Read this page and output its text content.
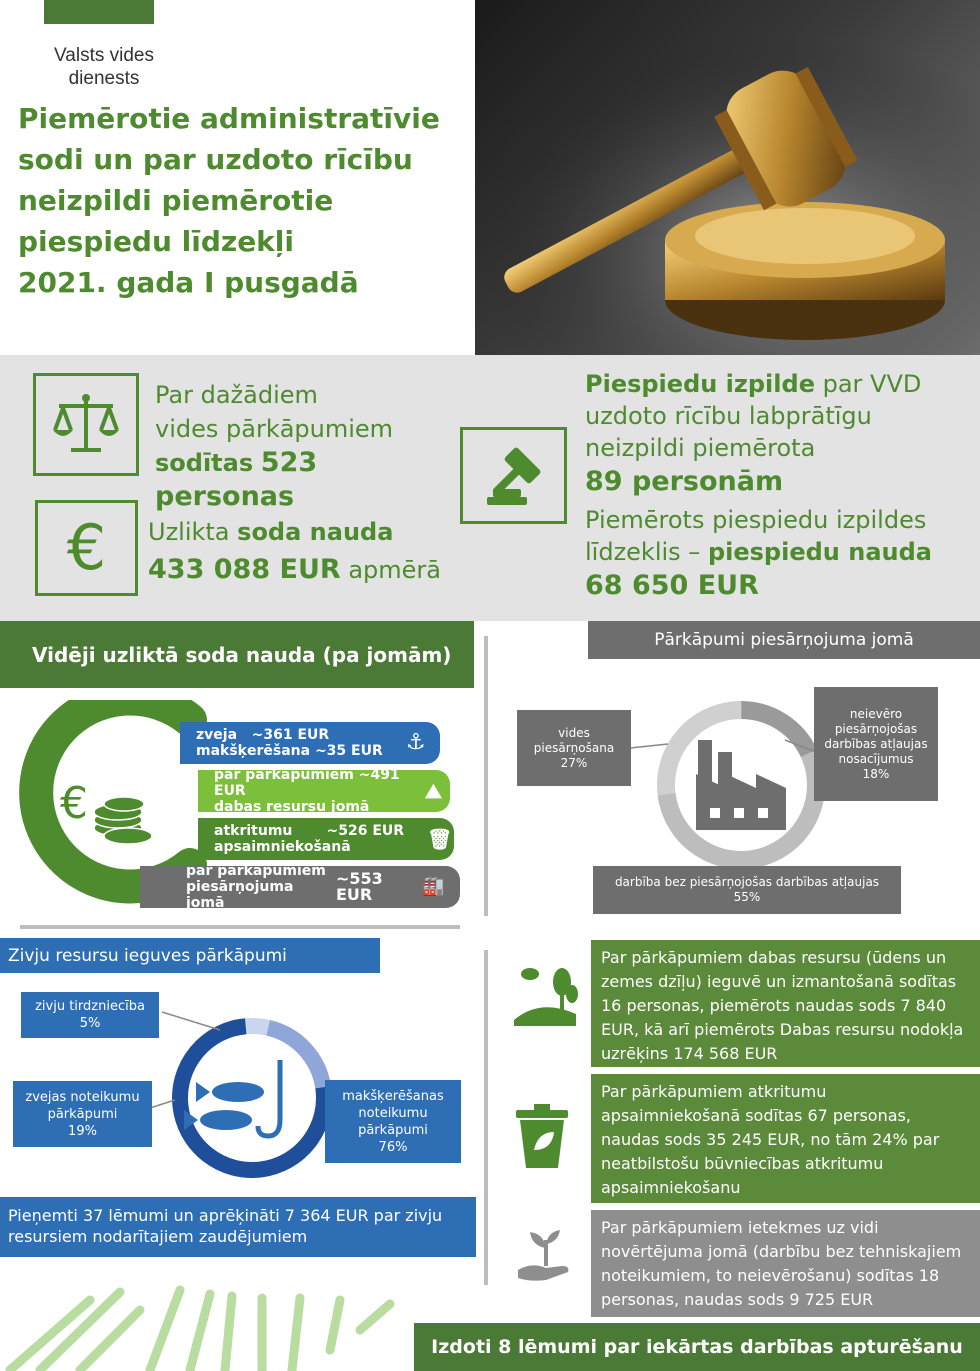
Valsts vides dienests
Piemērotie administratīvie
sodi un par uzdoto rīcību
neizpildi piemērotie
piespiedu līdzekļi
2021. gada I pusgadā
Par dažādiem
vides pārkāpumiem
sodītas 523 personas
€ Uzlikta soda nauda
433 088 EUR apmērā
Piespiedu izpilde par VVD
uzdoto rīcību labprātīgu
neizpildi piemērota
89 personām
Piemērots piespiedu izpildes
līdzeklis – piespiedu nauda
68 650 EUR
Vidēji uzliktā soda nauda (pa jomām)
€
zveja ~361 EUR
makšķerēšana ~35 EUR	⚓
par pārkāpumiem ~491 EUR
dabas resursu jomā
⛰
atkritumu ~526 EUR
apsaimniekošanā	🗑
par pārkāpumiem
piesārņojuma jomā
~553 EUR	🏭
Pārkāpumi piesārņojuma jomā
vides piesārņošana
27%
neievēro piesārņojošas darbības atļaujas nosacījumus
18%
darbība bez piesārņojošas darbības atļaujas
55%
Zivju resursu ieguves pārkāpumi
zivju tirdzniecība
5%
zvejas noteikumu pārkāpumi
19%
makšķerēšanas noteikumu pārkāpumi
76%
Pieņemti 37 lēmumi un aprēķināti 7 364 EUR par zivju resursiem nodarītajiem zaudējumiem
Par pārkāpumiem dabas resursu (ūdens un zemes dzīļu) ieguvē un izmantošanā sodītas 16 personas, piemērots naudas sods 7 840 EUR, kā arī piemērots Dabas resursu nodokļa uzrēķins 174 568 EUR
Par pārkāpumiem atkritumu apsaimniekošanā sodītas 67 personas, naudas sods 35 245 EUR, no tām 24% par neatbilstošu būvniecības atkritumu apsaimniekošanu
Par pārkāpumiem ietekmes uz vidi novērtējuma jomā (darbību bez tehniskajiem noteikumiem, to neievērošanu) sodītas 18 personas, naudas sods 9 725 EUR
Izdoti 8 lēmumi par iekārtas darbības apturēšanu
